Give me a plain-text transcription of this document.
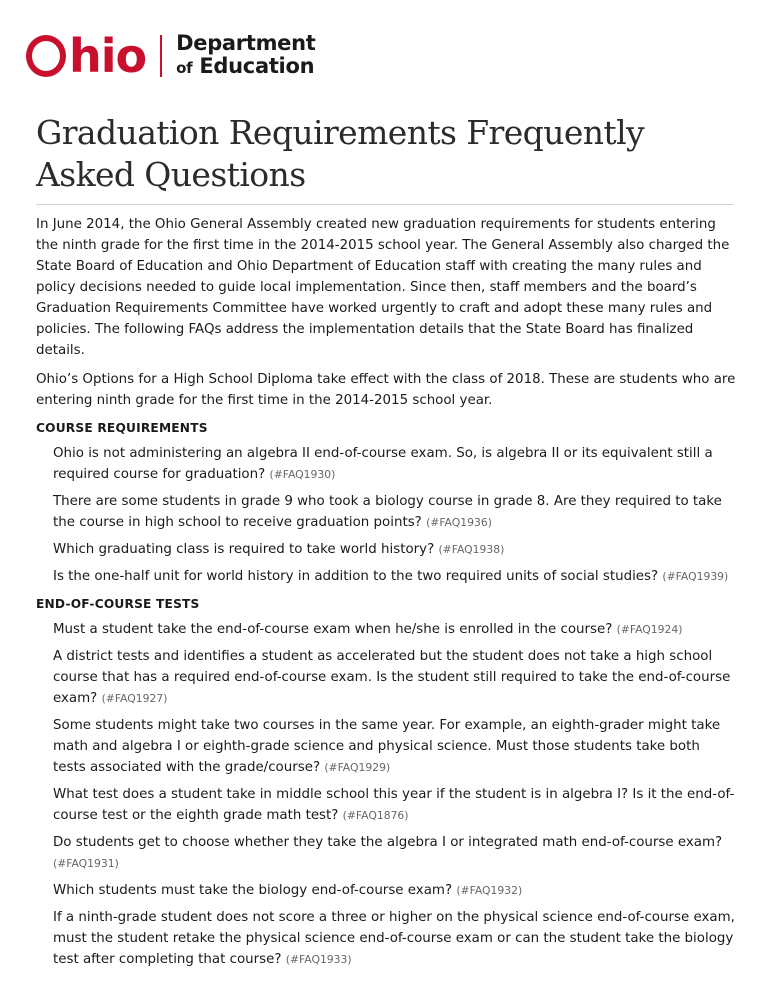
hio Department
of Education
Graduation Requirements Frequently Asked Questions

In June 2014, the Ohio General Assembly created new graduation requirements for students entering the ninth grade for the first time in the 2014-2015 school year. The General Assembly also charged the State Board of Education and Ohio Department of Education staff with creating the many rules and policy decisions needed to guide local implementation. Since then, staff members and the board’s Graduation Requirements Committee have worked urgently to craft and adopt these many rules and policies. The following FAQs address the implementation details that the State Board has finalized details.

Ohio’s Options for a High School Diploma take effect with the class of 2018. These are students who are entering ninth grade for the first time in the 2014-2015 school year.

COURSE REQUIREMENTS
Ohio is not administering an algebra II end-of-course exam. So, is algebra II or its equivalent still a required course for graduation? (#FAQ1930)
There are some students in grade 9 who took a biology course in grade 8. Are they required to take the course in high school to receive graduation points? (#FAQ1936)
Which graduating class is required to take world history? (#FAQ1938)
Is the one-half unit for world history in addition to the two required units of social studies? (#FAQ1939)
END-OF-COURSE TESTS
Must a student take the end-of-course exam when he/she is enrolled in the course? (#FAQ1924)
A district tests and identifies a student as accelerated but the student does not take a high school course that has a required end-of-course exam. Is the student still required to take the end-of-course exam? (#FAQ1927)
Some students might take two courses in the same year. For example, an eighth-grader might take math and algebra I or eighth-grade science and physical science. Must those students take both tests associated with the grade/course? (#FAQ1929)
What test does a student take in middle school this year if the student is in algebra I? Is it the end-of-course test or the eighth grade math test? (#FAQ1876)
Do students get to choose whether they take the algebra I or integrated math end-of-course exam? (#FAQ1931)
Which students must take the biology end-of-course exam? (#FAQ1932)
If a ninth-grade student does not score a three or higher on the physical science end-of-course exam, must the student retake the physical science end-of-course exam or can the student take the biology test after completing that course? (#FAQ1933)
